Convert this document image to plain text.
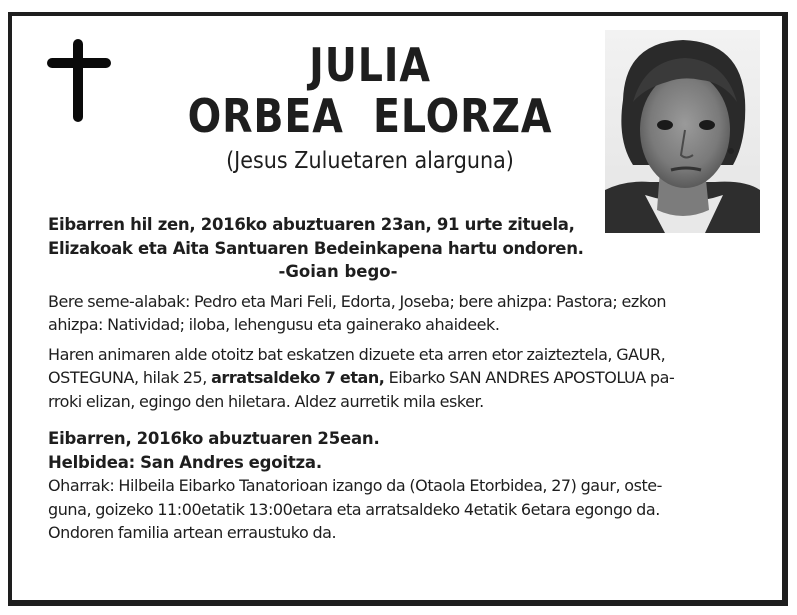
JULIA
ORBEA  ELORZA
(Jesus Zuluetaren alarguna)
Eibarren hil zen, 2016ko abuztuaren 23an, 91 urte zituela,
Elizakoak eta Aita Santuaren Bedeinkapena hartu ondoren.
-Goian bego-
Bere seme-alabak: Pedro eta Mari Feli, Edorta, Joseba; bere ahizpa: Pastora; ezkon
ahizpa: Natividad; iloba, lehengusu eta gainerako ahaideek.
Haren animaren alde otoitz bat eskatzen dizuete eta arren etor zaizteztela, GAUR,
OSTEGUNA, hilak 25, arratsaldeko 7 etan, Eibarko SAN ANDRES APOSTOLUA pa-
rroki elizan, egingo den hiletara. Aldez aurretik mila esker.
Eibarren, 2016ko abuztuaren 25ean.
Helbidea: San Andres egoitza.
Oharrak: Hilbeila Eibarko Tanatorioan izango da (Otaola Etorbidea, 27) gaur, oste-
guna, goizeko 11:00etatik 13:00etara eta arratsaldeko 4etatik 6etara egongo da.
Ondoren familia artean erraustuko da.
